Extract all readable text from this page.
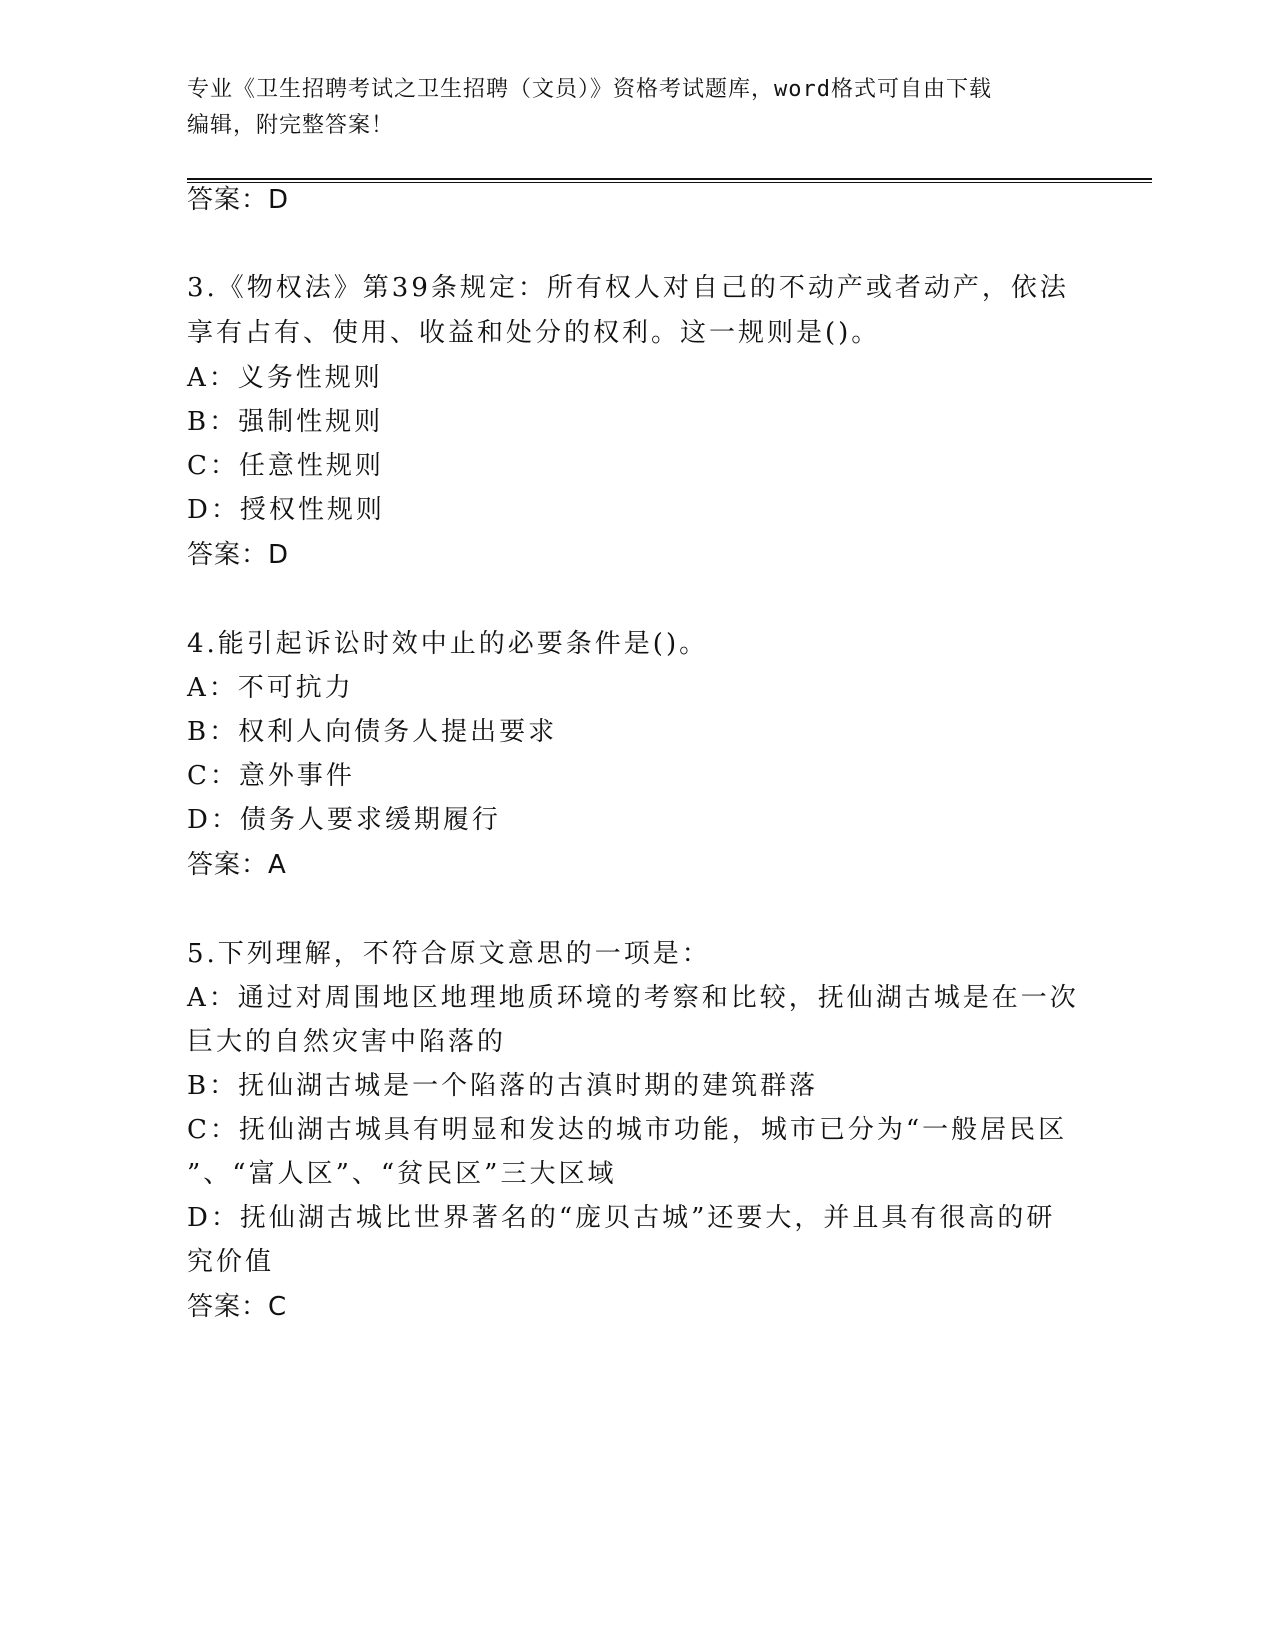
专业《卫生招聘考试之卫生招聘（文员）》资格考试题库，word格式可自由下载
编辑，附完整答案！
答案：D
3.《物权法》第39条规定：所有权人对自己的不动产或者动产，依法
享有占有、使用、收益和处分的权利。这一规则是()。
A：义务性规则
B：强制性规则
C：任意性规则
D：授权性规则
答案：D
4.能引起诉讼时效中止的必要条件是()。
A：不可抗力
B：权利人向债务人提出要求
C：意外事件
D：债务人要求缓期履行
答案：A
5.下列理解，不符合原文意思的一项是：
A：通过对周围地区地理地质环境的考察和比较，抚仙湖古城是在一次
巨大的自然灾害中陷落的
B：抚仙湖古城是一个陷落的古滇时期的建筑群落
C：抚仙湖古城具有明显和发达的城市功能，城市已分为“一般居民区
”、“富人区”、“贫民区”三大区域
D：抚仙湖古城比世界著名的“庞贝古城”还要大，并且具有很高的研
究价值
答案：C
